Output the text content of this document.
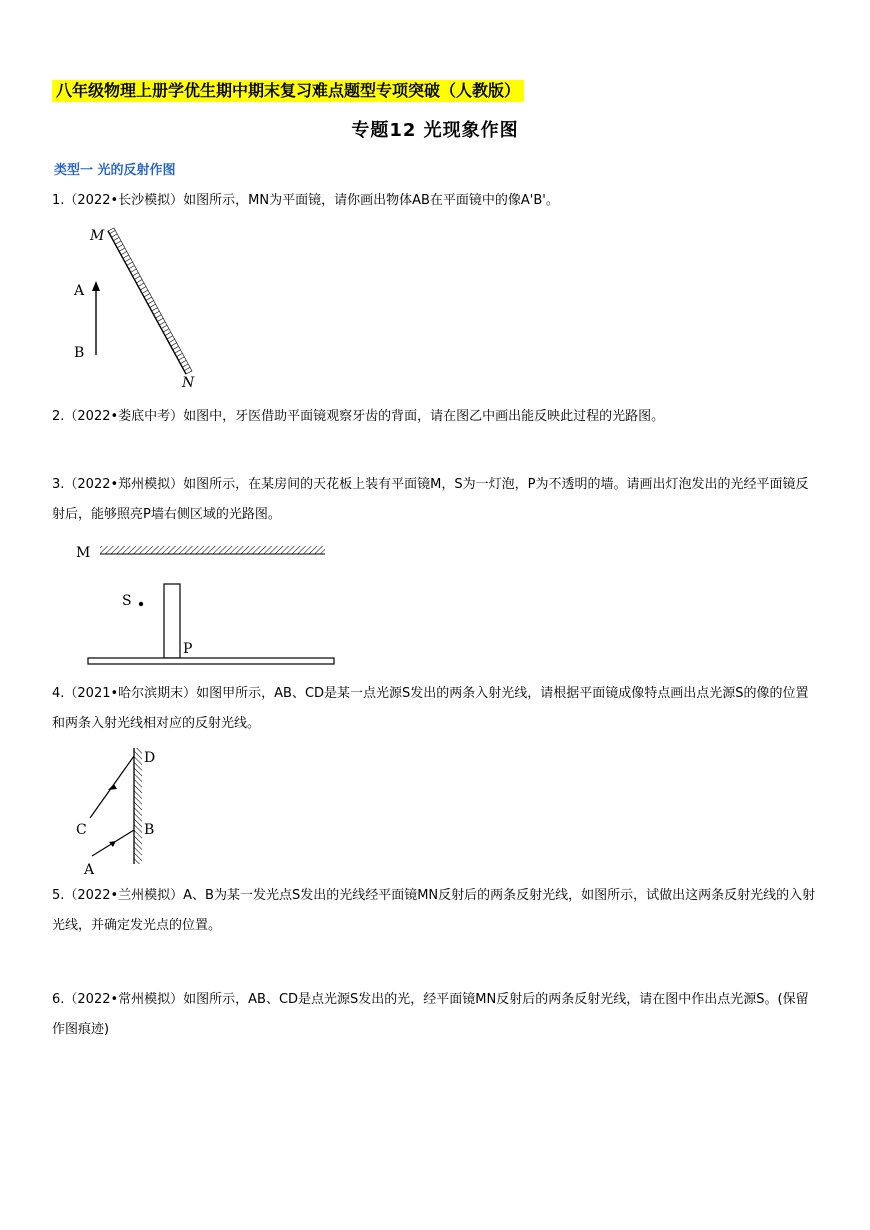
八年级物理上册学优生期中期末复习难点题型专项突破（人教版）
专题12 光现象作图
类型一 光的反射作图
1.（2022•长沙模拟）如图所示，MN为平面镜，请你画出物体AB在平面镜中的像A'B'。
M
N
A
B
2.（2022•娄底中考）如图中，牙医借助平面镜观察牙齿的背面，请在图乙中画出能反映此过程的光路图。
3.（2022•郑州模拟）如图所示，在某房间的天花板上装有平面镜M，S为一灯泡，P为不透明的墙。请画出灯泡发出的光经平面镜反射后，能够照亮P墙右侧区域的光路图。
M
S
P
4.（2021•哈尔滨期末）如图甲所示，AB、CD是某一点光源S发出的两条入射光线，请根据平面镜成像特点画出点光源S的像的位置和两条入射光线相对应的反射光线。
D
B
C
A
5.（2022•兰州模拟）A、B为某一发光点S发出的光线经平面镜MN反射后的两条反射光线，如图所示，试做出这两条反射光线的入射光线，并确定发光点的位置。
6.（2022•常州模拟）如图所示，AB、CD是点光源S发出的光，经平面镜MN反射后的两条反射光线，请在图中作出点光源S。(保留作图痕迹)
